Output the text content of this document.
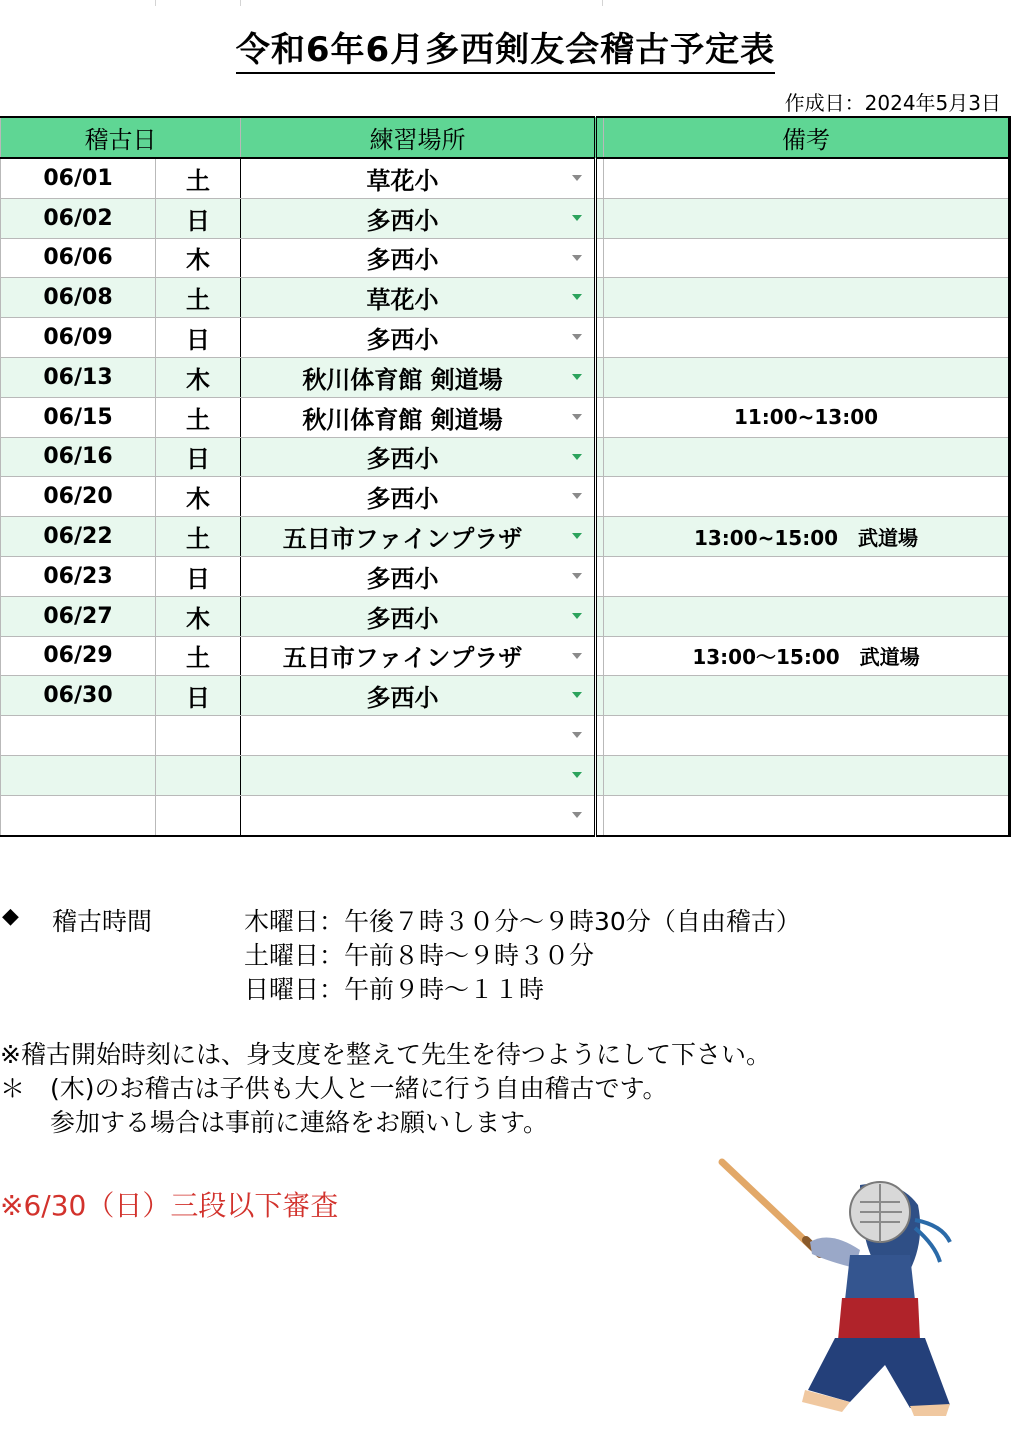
令和6年6月多西剣友会稽古予定表
作成日：2024年5月3日
稽古日		練習場所		備考
06/01	土	草花小

06/02	日	多西小

06/06	木	多西小

06/08	土	草花小

06/09	日	多西小

06/13	木	秋川体育館 剣道場

06/15	土	秋川体育館 剣道場		11:00~13:00
06/16	日	多西小

06/20	木	多西小

06/22	土	五日市ファインプラザ		13:00~15:00　武道場
06/23	日	多西小

06/27	木	多西小

06/29	土	五日市ファインプラザ		13:00〜15:00　武道場
06/30	日	多西小

◆ 稽古時間	木曜日：午後７時３０分〜９時30分（自由稽古）
土曜日：午前８時〜９時３０分
日曜日：午前９時〜１１時
※稽古開始時刻には、身支度を整えて先生を待つようにして下さい。
＊ (木)のお稽古は子供も大人と一緒に行う自由稽古です。
参加する場合は事前に連絡をお願いします。
※6/30（日）三段以下審査
